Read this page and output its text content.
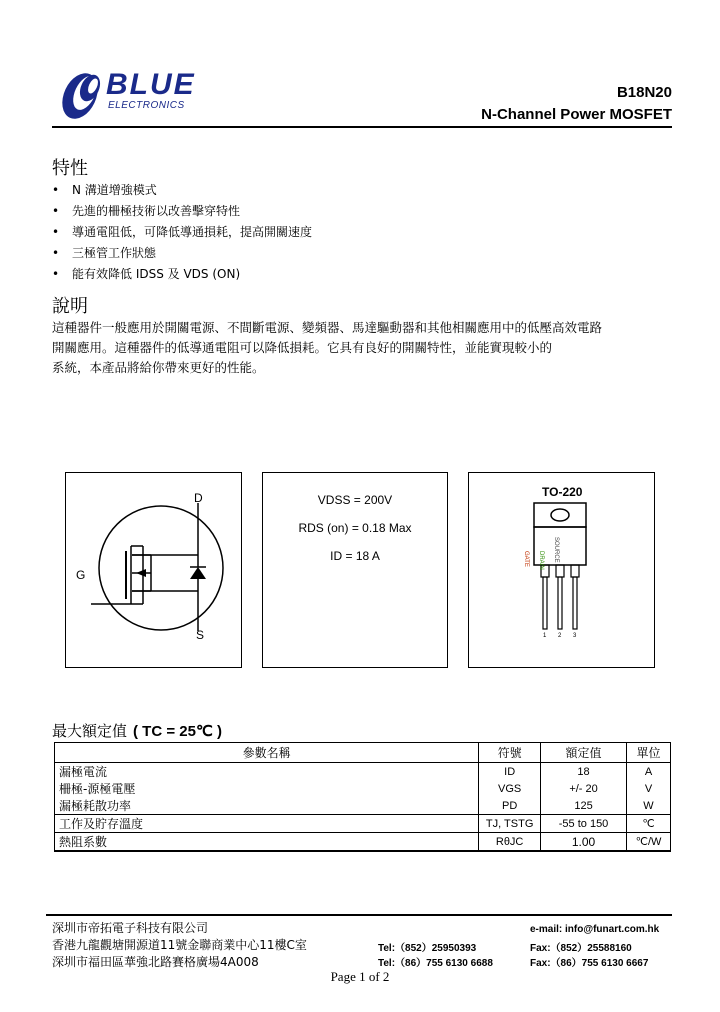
BLUE
ELECTRONICS
B18N20
N-Channel Power MOSFET
特性
• N 溝道增強模式
• 先進的柵極技術以改善擊穿特性
• 導通電阻低，可降低導通損耗，提高開關速度
• 三極管工作狀態
• 能有效降低 IDSS 及 VDS (ON)
說明
這種器件一般應用於開關電源、不間斷電源、變頻器、馬達驅動器和其他相關應用中的低壓高效電路
開關應用。這種器件的低導通電阻可以降低損耗。它具有良好的開關特性，並能實現較小的
系統，本產品將給你帶來更好的性能。
D
G
S
VDSS = 200V
RDS (on) = 0.18 Max
ID = 18 A
TO-220
GATE DRAIN SOURCE
1 2 3
最大額定值 ( TC = 25℃ )
參數名稱	符號	額定值	單位
漏極電流	ID	18	A
柵極-源極電壓	VGS	+/- 20	V
漏極耗散功率	PD	125	W
工作及貯存溫度	TJ, TSTG	-55 to 150	℃
熱阻系數	RθJC	1.00	℃/W
深圳市帝拓電子科技有限公司
香港九龍觀塘開源道11號金聯商業中心11樓C室
深圳市福田區華強北路賽格廣場4A008
e-mail: info@funart.com.hk
Tel:（852）25950393	Fax:（852）25588160
Tel:（86）755 6130 6688	Fax:（86）755 6130 6667
Page 1 of 2
